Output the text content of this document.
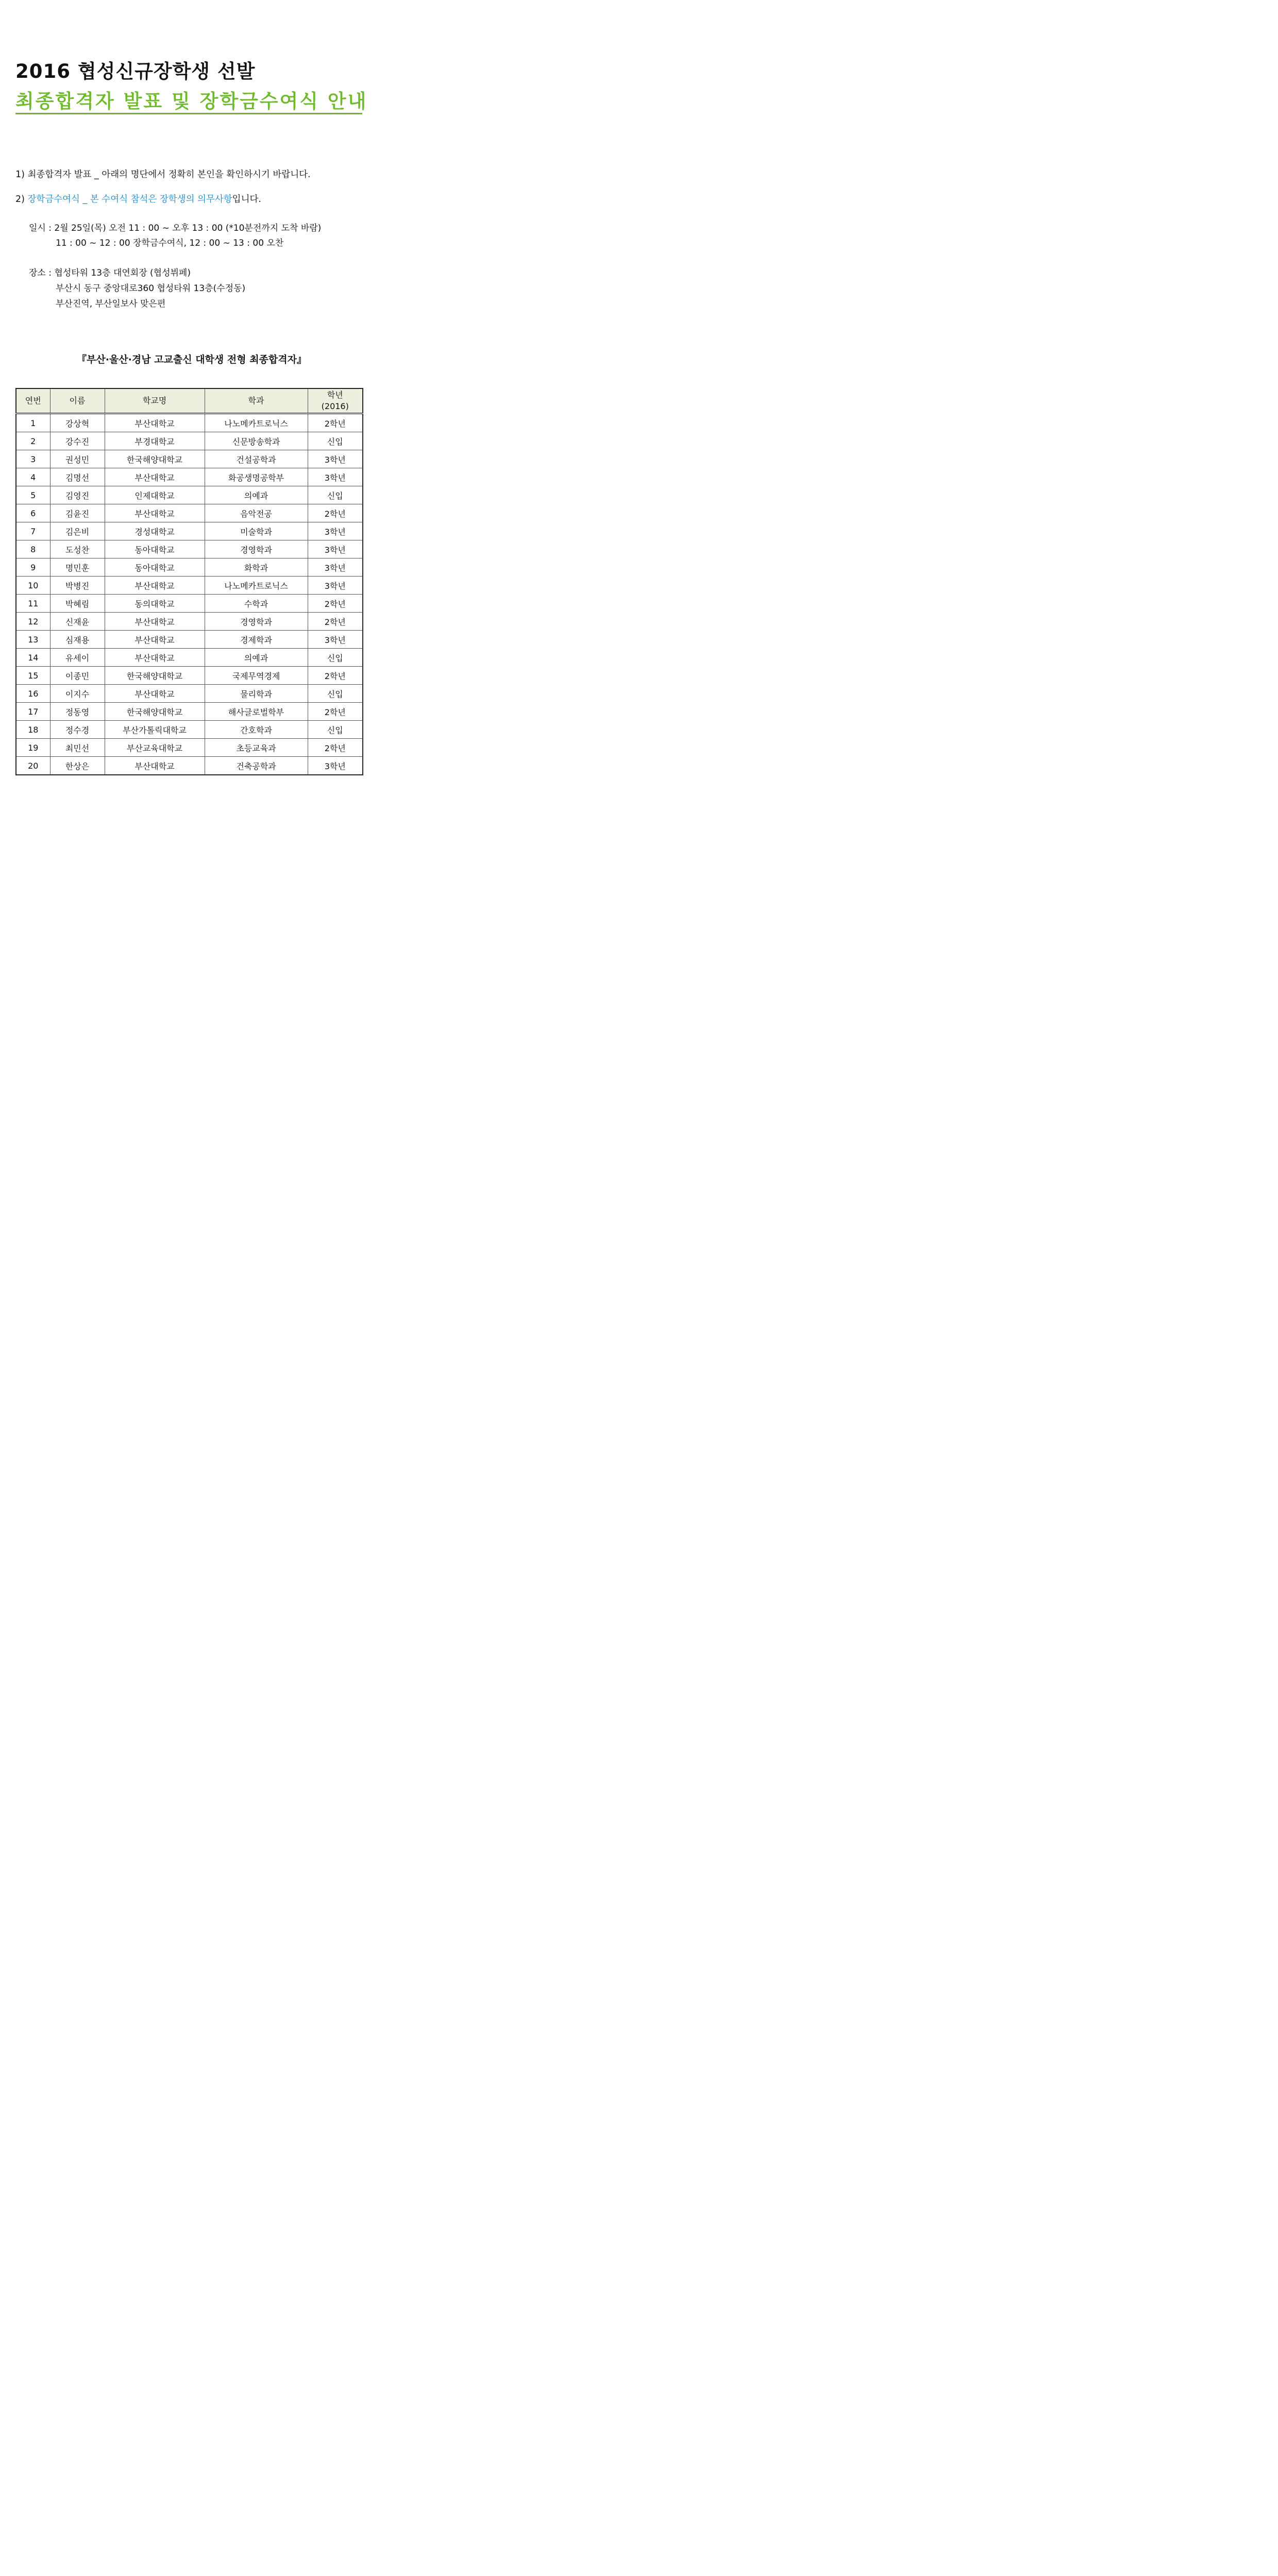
2016 협성신규장학생 선발
최종합격자 발표 및 장학금수여식 안내
1) 최종합격자 발표 _ 아래의 명단에서 정확히 본인을 확인하시기 바랍니다.
2) 장학금수여식 _ 본 수여식 참석은 장학생의 의무사항입니다.
일시 : 2월 25일(목) 오전 11 : 00 ~ 오후 13 : 00 (*10분전까지 도착 바람)
11 : 00 ~ 12 : 00 장학금수여식, 12 : 00 ~ 13 : 00 오찬
장소 : 협성타워 13층 대연회장 (협성뷔페)
부산시 동구 중앙대로360 협성타워 13층(수정동)
부산진역, 부산일보사 맞은편
『부산·울산·경남 고교출신 대학생 전형 최종합격자』
연번	이름	학교명	학과	학년
(2016)
1	강상혁	부산대학교	나노메카트로닉스	2학년
2	강수진	부경대학교	신문방송학과	신입
3	권성민	한국해양대학교	건설공학과	3학년
4	김명선	부산대학교	화공생명공학부	3학년
5	김영진	인제대학교	의예과	신입
6	김윤진	부산대학교	음악전공	2학년
7	김은비	경성대학교	미술학과	3학년
8	도성찬	동아대학교	경영학과	3학년
9	명민훈	동아대학교	화학과	3학년
10	박병진	부산대학교	나노메카트로닉스	3학년
11	박혜림	동의대학교	수학과	2학년
12	신재윤	부산대학교	경영학과	2학년
13	심재용	부산대학교	경제학과	3학년
14	유세이	부산대학교	의예과	신입
15	이종민	한국해양대학교	국제무역경제	2학년
16	이지수	부산대학교	물리학과	신입
17	정동영	한국해양대학교	해사글로벌학부	2학년
18	정수경	부산가톨릭대학교	간호학과	신입
19	최민선	부산교육대학교	초등교육과	2학년
20	한상은	부산대학교	건축공학과	3학년
